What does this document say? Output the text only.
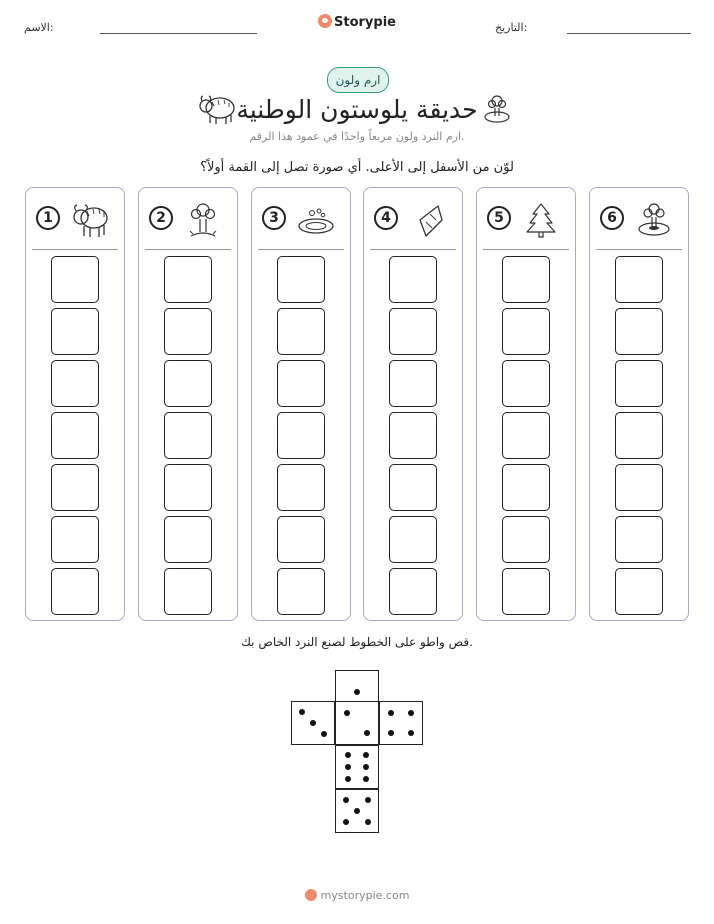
الاسم:	Storypie	التاريخ:
ارم ولون
حديقة يلوستون الوطنية
ارم النرد ولون مربعاً واحدًا في عمود هذا الرقم.
لوّن من الأسفل إلى الأعلى. أي صورة تصل إلى القمة أولاً؟
1	2	3	4	5	6
قص واطو على الخطوط لصنع النرد الخاص بك.
mystorypie.com
